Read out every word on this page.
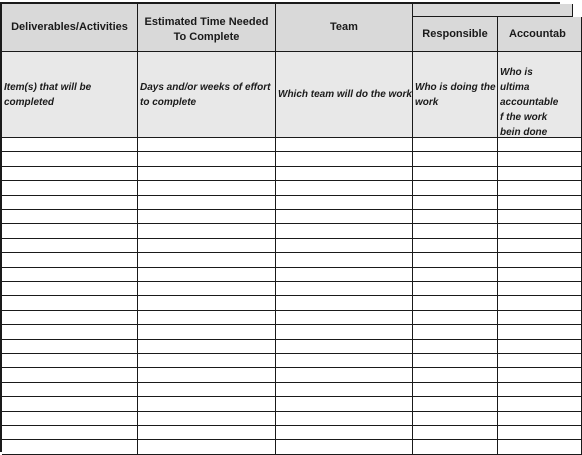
Deliverables/Activities	Estimated Time Needed To Complete
Team
Responsible Accountab
Item(s) that will be completed
Days and/or weeks of effort to complete
Which team will do the work
Who is doing the work
Who is ultima accountable f the work bein done
